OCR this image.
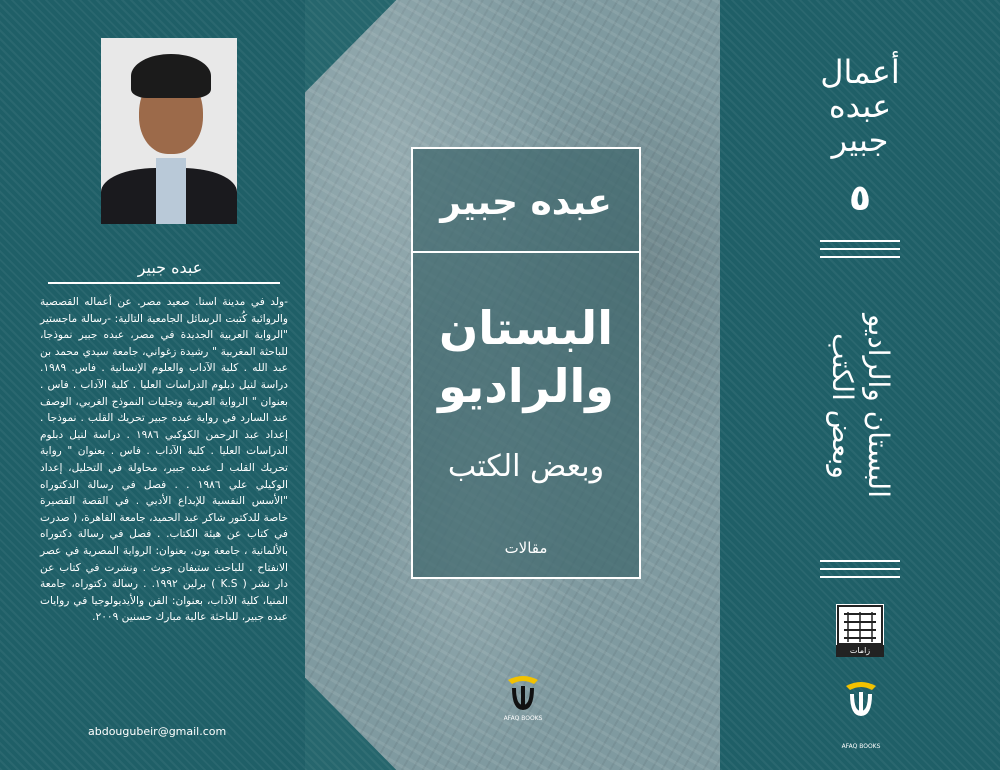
عبده جبير
-ولد في مدينة اسنا. صعيد مصر. عن أعماله القصصية والروائية كُتبت الرسائل الجامعية التالية: -رسالة ماجستير "الرواية العربية الجديدة في مصر، عبده جبير نموذجا، للباحثة المغربية " رشيدة زغواني، جامعة سيدي محمد بن عبد الله . كلية الآداب والعلوم الإنسانية . فاس. ١٩٨٩. دراسة لنيل دبلوم الدراسات العليا . كلية الآداب . فاس . بعنوان " الرواية العربية وتجليات النموذج الغربي، الوصف عند السارد في رواية عبده جبير تحريك القلب . نموذجا . إعداد عبد الرحمن الكوكبي ١٩٨٦ . دراسة لنيل دبلوم الدراسات العليا . كلية الآداب . فاس . بعنوان " رواية تحريك القلب لـ عبده جبير، محاولة في التحليل، إعداد الوكيلي علي ١٩٨٦ . . فصل في رسالة الدكتوراه "الأسس النفسية للإبداع الأدبي . في القصة القصيرة خاصة للدكتور شاكر عبد الحميد، جامعة القاهرة، ( صدرت في كتاب عن هيئة الكتاب. . فصل في رسالة دكتوراه بالألمانية ، جامعة بون، بعنوان: الرواية المصرية في عصر الانفتاح . للباحث ستيفان جوث . ونشرت في كتاب عن دار نشر ( K.S ) برلين ١٩٩٢. . رسالة دكتوراه، جامعة المنيا، كلية الآداب، بعنوان: الفن والأيديولوجيا في روايات عبده جبير، للباحثة عالية مبارك حسنين ٢٠٠٩.
abdougubeir@gmail.com
عبده جبير
البستان
والراديو
وبعض الكتب
مقالات
AFAQ BOOKS
أعمال
عبده
جبير
٥
البستان والراديو وبعض الكتب
زامات
AFAQ BOOKS
